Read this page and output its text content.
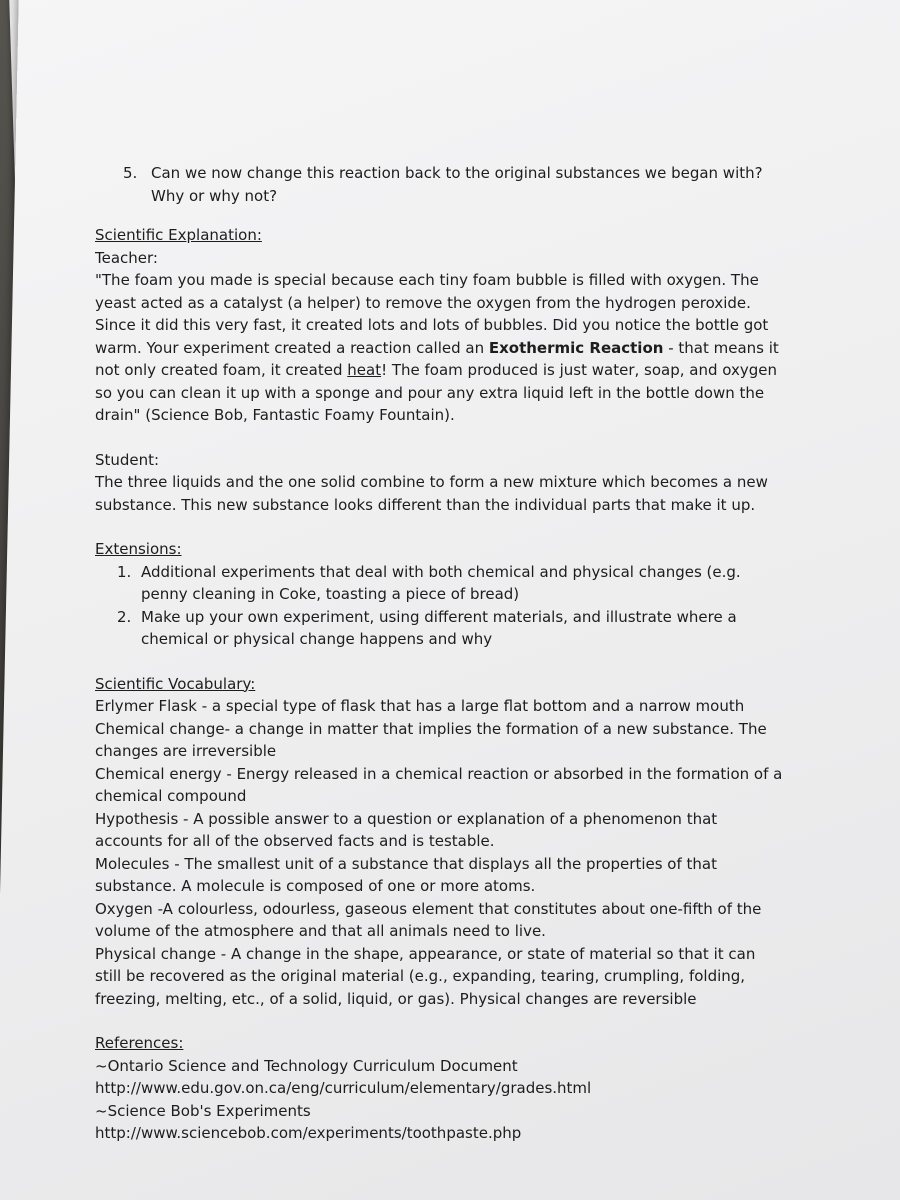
5. Can we now change this reaction back to the original substances we began with? Why or why not?
Scientific Explanation:
Teacher:

"The foam you made is special because each tiny foam bubble is filled with oxygen. The yeast acted as a catalyst (a helper) to remove the oxygen from the hydrogen peroxide. Since it did this very fast, it created lots and lots of bubbles. Did you notice the bottle got warm. Your experiment created a reaction called an Exothermic Reaction - that means it not only created foam, it created heat! The foam produced is just water, soap, and oxygen so you can clean it up with a sponge and pour any extra liquid left in the bottle down the drain" (Science Bob, Fantastic Foamy Fountain).

Student:

The three liquids and the one solid combine to form a new mixture which becomes a new substance. This new substance looks different than the individual parts that make it up.

Extensions:
1. Additional experiments that deal with both chemical and physical changes (e.g. penny cleaning in Coke, toasting a piece of bread)
2. Make up your own experiment, using different materials, and illustrate where a chemical or physical change happens and why
Scientific Vocabulary:
Erlymer Flask - a special type of flask that has a large flat bottom and a narrow mouth
Chemical change- a change in matter that implies the formation of a new substance. The changes are irreversible
Chemical energy - Energy released in a chemical reaction or absorbed in the formation of a chemical compound
Hypothesis - A possible answer to a question or explanation of a phenomenon that accounts for all of the observed facts and is testable.
Molecules - The smallest unit of a substance that displays all the properties of that substance. A molecule is composed of one or more atoms.
Oxygen -A colourless, odourless, gaseous element that constitutes about one-fifth of the volume of the atmosphere and that all animals need to live.
Physical change - A change in the shape, appearance, or state of material so that it can still be recovered as the original material (e.g., expanding, tearing, crumpling, folding, freezing, melting, etc., of a solid, liquid, or gas). Physical changes are reversible
References:
~Ontario Science and Technology Curriculum Document
http://www.edu.gov.on.ca/eng/curriculum/elementary/grades.html
~Science Bob's Experiments
http://www.sciencebob.com/experiments/toothpaste.php
